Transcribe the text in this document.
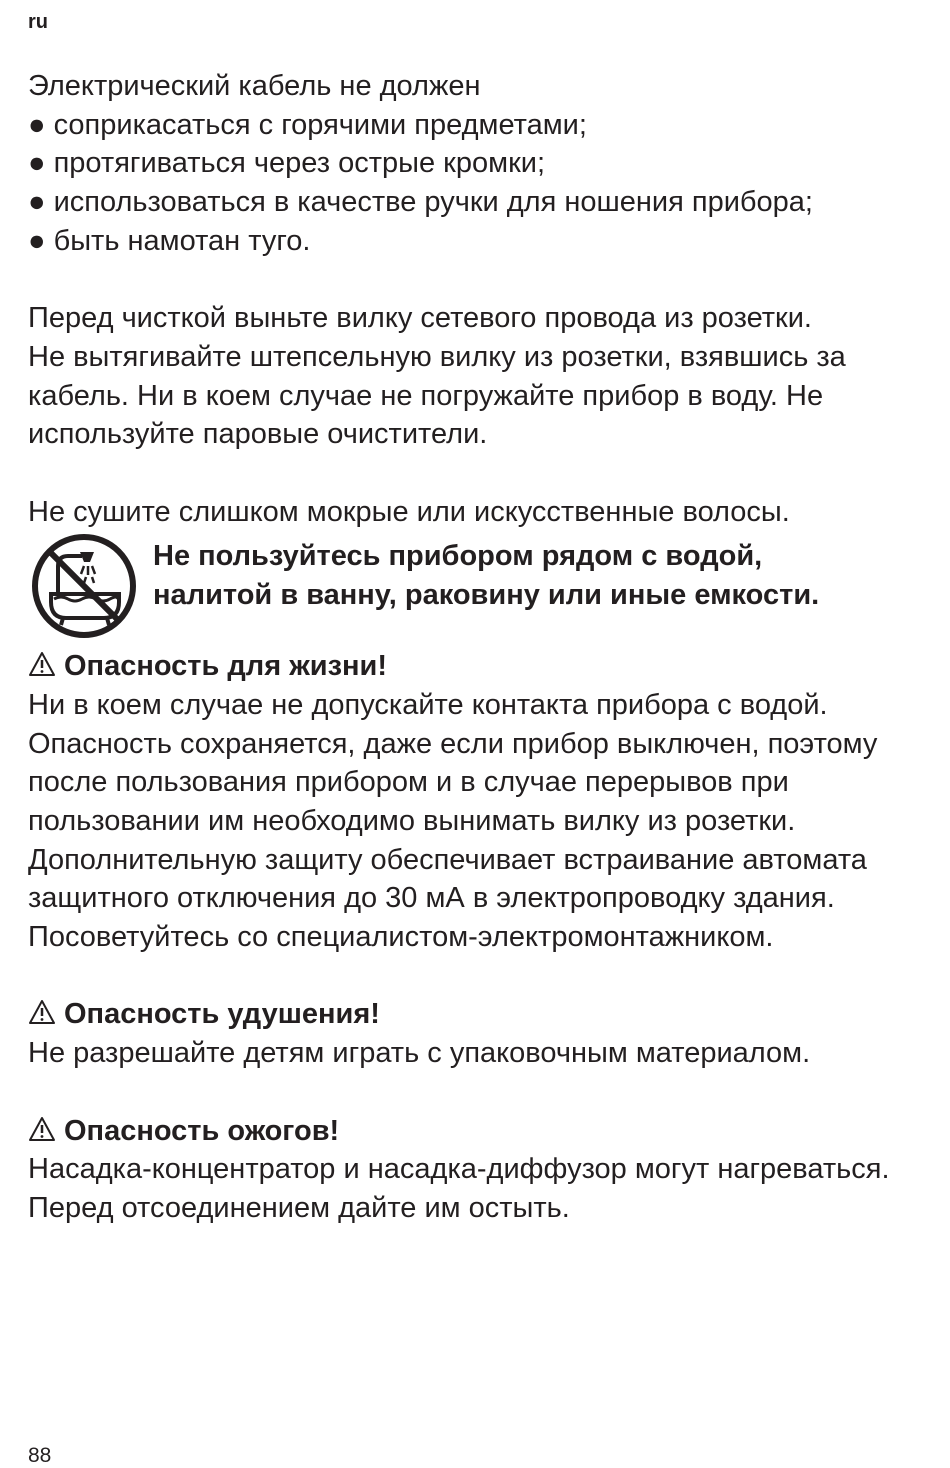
ru
Электрический кабель не должен
● соприкасаться с горячими предметами;
● протягиваться через острые кромки;
● использоваться в качестве ручки для ношения прибора;
● быть намотан туго.
Перед чисткой выньте вилку сетевого провода из розетки.
Не вытягивайте штепсельную вилку из розетки, взявшись за
кабель. Ни в коем случае не погружайте прибор в воду. Не
используйте паровые очистители.
Не сушите слишком мокрые или искусственные волосы.
Не пользуйтесь прибором рядом с водой,
налитой в ванну, раковину или иные емкости.
Опасность для жизни!
Ни в коем случае не допускайте контакта прибора с водой.
Опасность сохраняется, даже если прибор выключен, поэтому
после пользования прибором и в случае перерывов при
пользовании им необходимо вынимать вилку из розетки.
Дополнительную защиту обеспечивает встраивание автомата
защитного отключения до 30 мА в электропроводку здания.
Посоветуйтесь со специалистом-электромонтажником.
Опасность удушения!
Не разрешайте детям играть с упаковочным материалом.
Опасность ожогов!
Насадка-концентратор и насадка-диффузор могут нагреваться.
Перед отсоединением дайте им остыть.
88
